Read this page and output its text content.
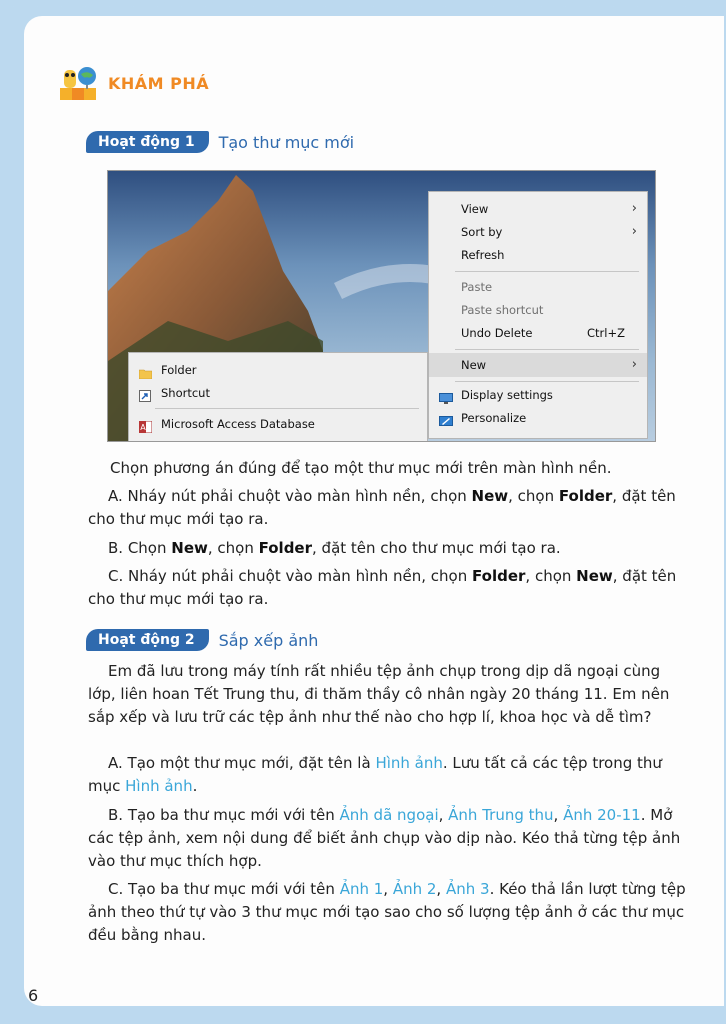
KHÁM PHÁ
Hoạt động 1	Tạo thư mục mới
View	›
Sort by	›
Refresh
Paste
Paste shortcut
Undo Delete	Ctrl+Z
New	›
Display settings
Personalize
Folder
Shortcut
A Microsoft Access Database
Chọn phương án đúng để tạo một thư mục mới trên màn hình nền.
A. Nháy nút phải chuột vào màn hình nền, chọn New, chọn Folder, đặt tên cho thư mục mới tạo ra.
B. Chọn New, chọn Folder, đặt tên cho thư mục mới tạo ra.
C. Nháy nút phải chuột vào màn hình nền, chọn Folder, chọn New, đặt tên cho thư mục mới tạo ra.
Hoạt động 2	Sắp xếp ảnh
Em đã lưu trong máy tính rất nhiều tệp ảnh chụp trong dịp dã ngoại cùng lớp, liên hoan Tết Trung thu, đi thăm thầy cô nhân ngày 20 tháng 11. Em nên sắp xếp và lưu trữ các tệp ảnh như thế nào cho hợp lí, khoa học và dễ tìm?
A. Tạo một thư mục mới, đặt tên là Hình ảnh. Lưu tất cả các tệp trong thư mục Hình ảnh.
B. Tạo ba thư mục mới với tên Ảnh dã ngoại, Ảnh Trung thu, Ảnh 20-11. Mở các tệp ảnh, xem nội dung để biết ảnh chụp vào dịp nào. Kéo thả từng tệp ảnh vào thư mục thích hợp.
C. Tạo ba thư mục mới với tên Ảnh 1, Ảnh 2, Ảnh 3. Kéo thả lần lượt từng tệp ảnh theo thứ tự vào 3 thư mục mới tạo sao cho số lượng tệp ảnh ở các thư mục đều bằng nhau.
6
